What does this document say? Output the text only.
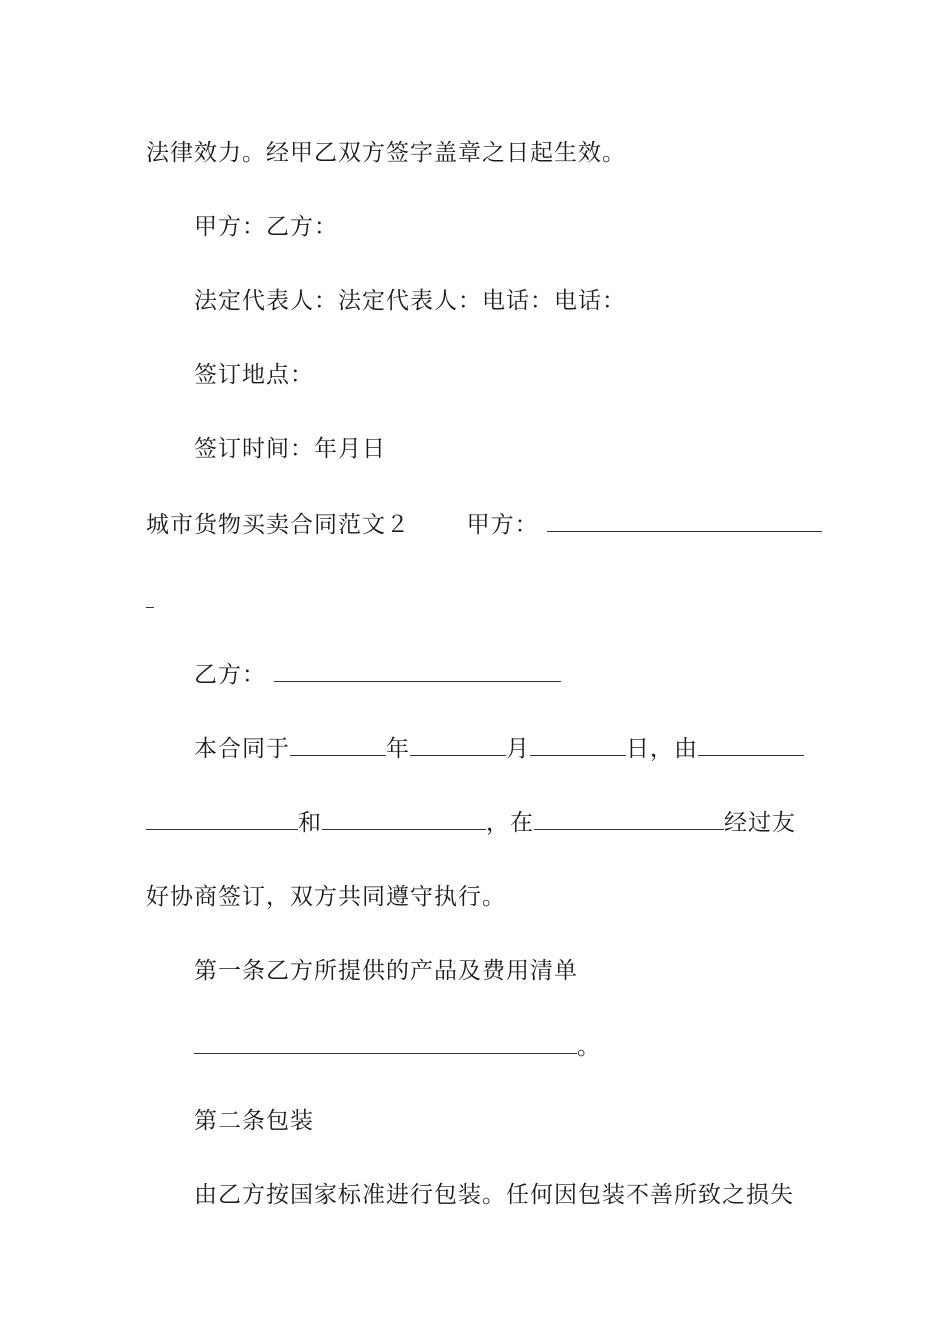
法律效力。经甲乙双方签字盖章之日起生效。
甲方：乙方：
法定代表人：法定代表人：电话：电话：
签订地点：
签订时间：年月日
城市货物买卖合同范文２ 甲方：
乙方：
本合同于	年	月	日，由
和	，在	经过友
好协商签订，双方共同遵守执行。
第一条乙方所提供的产品及费用清单
。
第二条包装
由乙方按国家标准进行包装。任何因包装不善所致之损失
